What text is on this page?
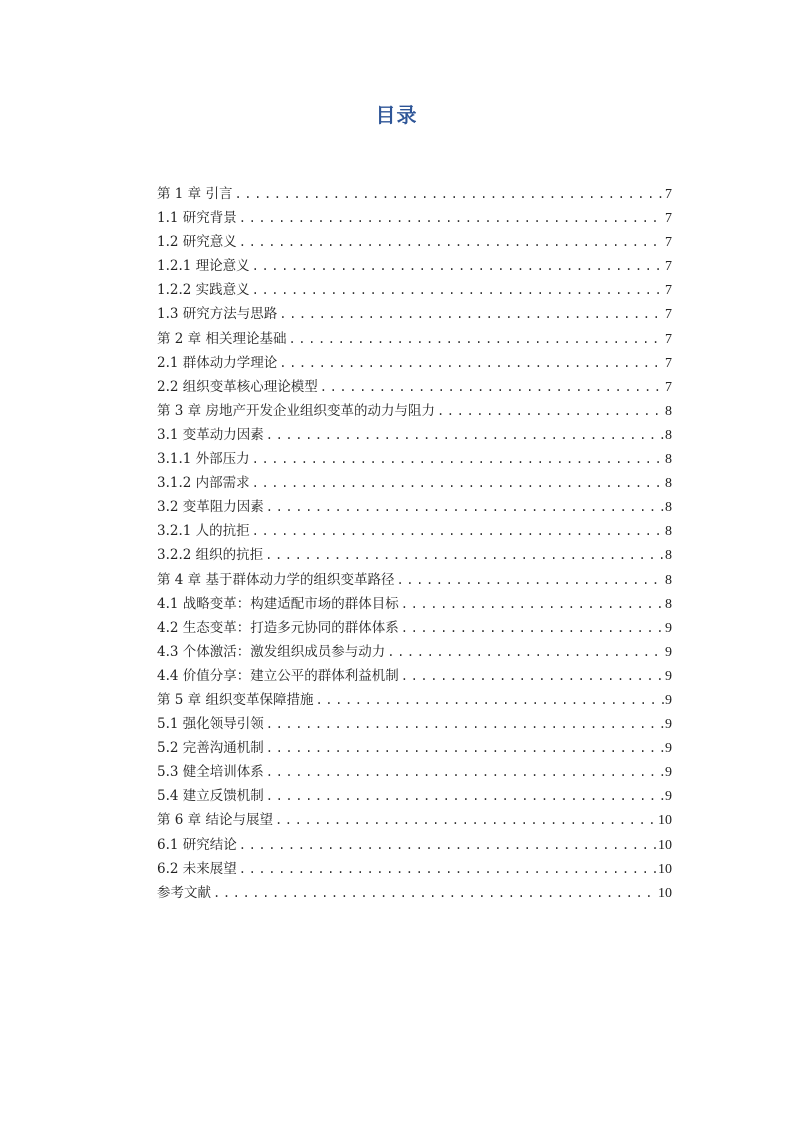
目录
第 1 章 引言 .....	7
1.1 研究背景 .....	7
1.2 研究意义 .....	7
1.2.1 理论意义 .....	7
1.2.2 实践意义 .....	7
1.3 研究方法与思路 .....	7
第 2 章 相关理论基础 .....	7
2.1 群体动力学理论 .....	7
2.2 组织变革核心理论模型 .....	7
第 3 章 房地产开发企业组织变革的动力与阻力 .....	8
3.1 变革动力因素 .....	8
3.1.1 外部压力 .....	8
3.1.2 内部需求 .....	8
3.2 变革阻力因素 .....	8
3.2.1 人的抗拒 .....	8
3.2.2 组织的抗拒 .....	8
第 4 章 基于群体动力学的组织变革路径 .....	8
4.1 战略变革：构建适配市场的群体目标 .....	8
4.2 生态变革：打造多元协同的群体体系 .....	9
4.3 个体激活：激发组织成员参与动力 .....	9
4.4 价值分享：建立公平的群体利益机制 .....	9
第 5 章 组织变革保障措施 .....	9
5.1 强化领导引领 .....	9
5.2 完善沟通机制 .....	9
5.3 健全培训体系 .....	9
5.4 建立反馈机制 .....	9
第 6 章 结论与展望 .....	10
6.1 研究结论 .....	10
6.2 未来展望 .....	10
参考文献 .....	10
